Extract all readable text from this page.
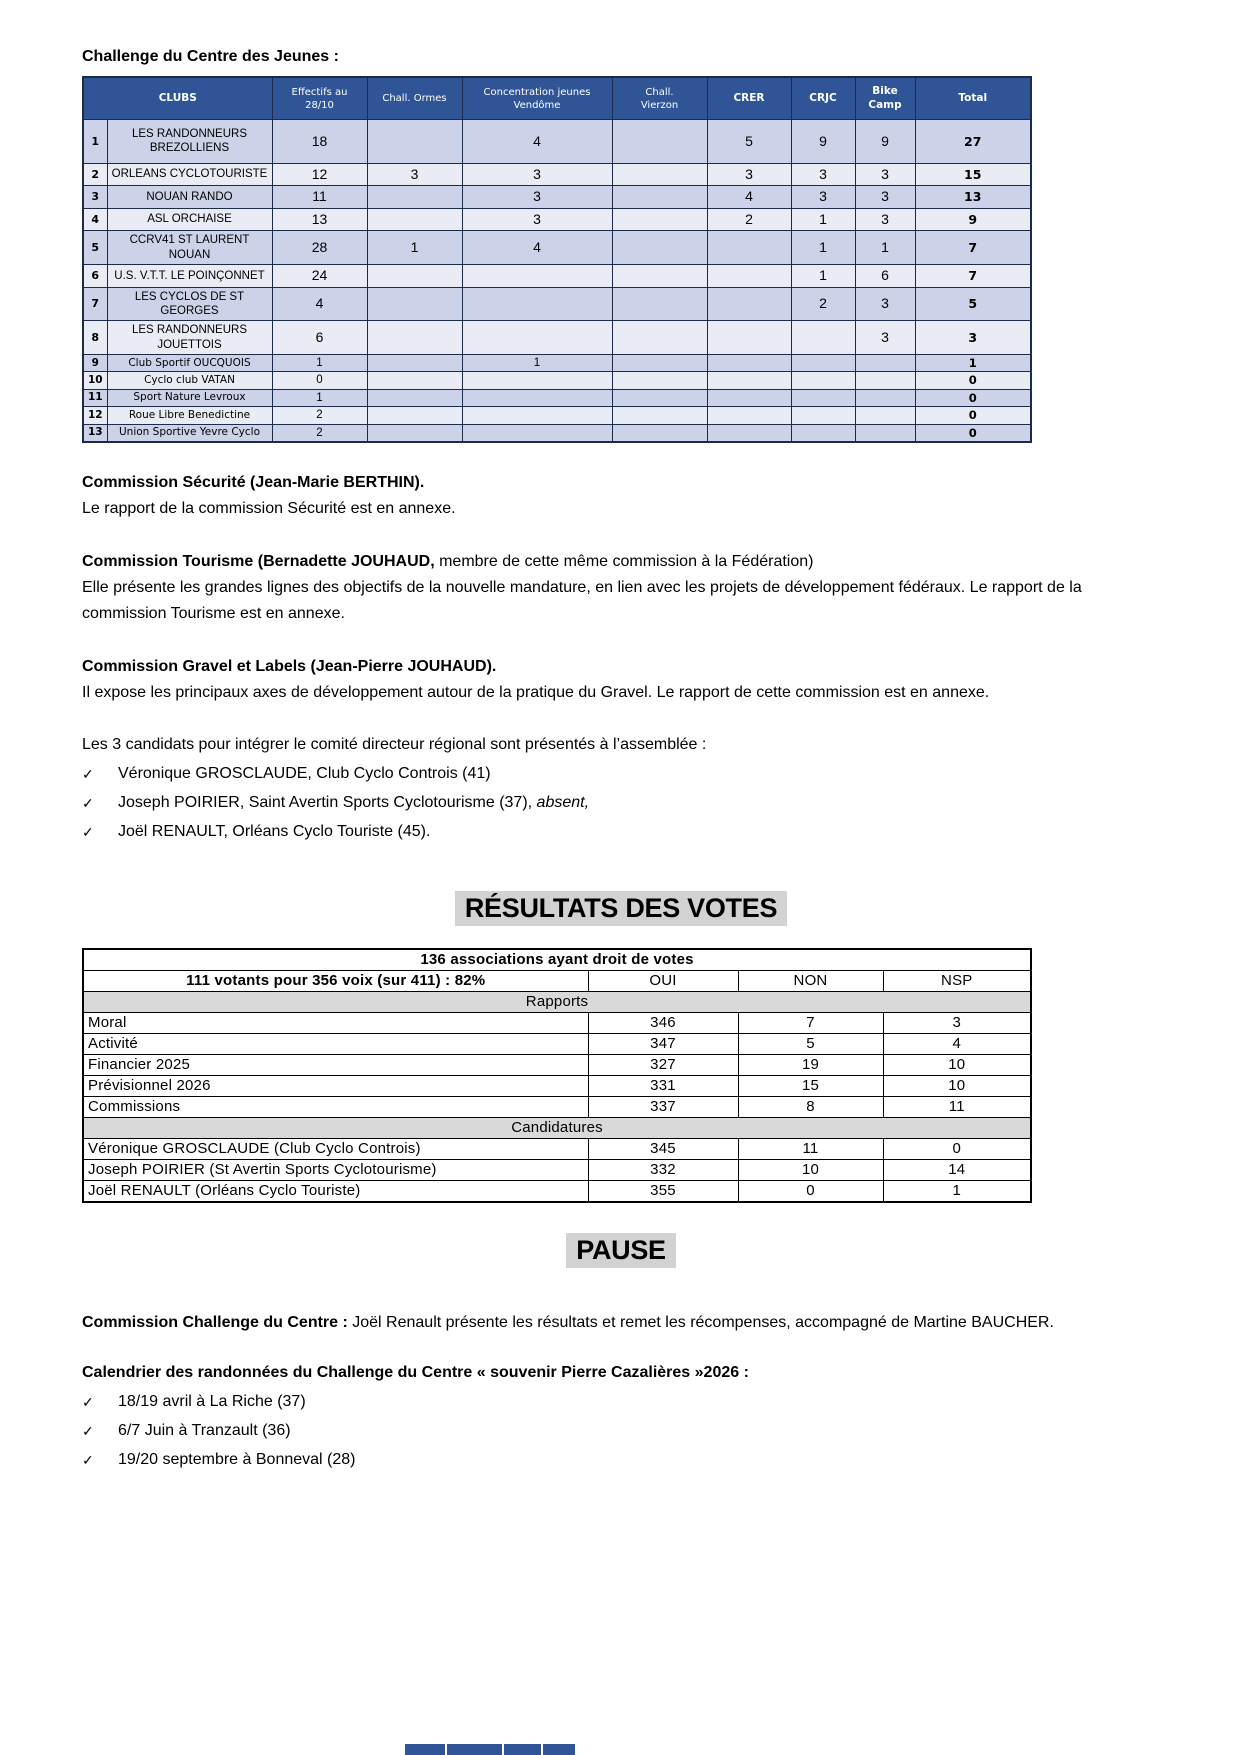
Challenge du Centre des Jeunes :

CLUBS		Effectifs au 28/10	Chall. Ormes	Concentration jeunes Vendôme	Chall. Vierzon	CRER	CRJC	Bike Camp	Total
1	LES RANDONNEURS BREZOLLIENS	18		4		5	9	9	27
2	ORLEANS CYCLOTOURISTE	12	3	3		3	3	3	15
3	NOUAN RANDO	11		3		4	3	3	13
4	ASL ORCHAISE	13		3		2	1	3	9
5	CCRV41 ST LAURENT NOUAN	28	1	4			1	1	7
6	U.S. V.T.T. LE POINÇONNET	24					1	6	7
7	LES CYCLOS DE ST GEORGES	4					2	3	5
8	LES RANDONNEURS JOUETTOIS	6						3	3
9	Club Sportif OUCQUOIS	1		1					1
10	Cyclo club VATAN	0							0
11	Sport Nature Levroux	1							0
12	Roue Libre Benedictine	2							0
13	Union Sportive Yevre Cyclo	2							0

Commission Sécurité (Jean-Marie BERTHIN).

Le rapport de la commission Sécurité est en annexe.

Commission Tourisme (Bernadette JOUHAUD, membre de cette même commission à la Fédération)

Elle présente les grandes lignes des objectifs de la nouvelle mandature, en lien avec les projets de développement fédéraux. Le rapport de la commission Tourisme est en annexe.

Commission Gravel et Labels (Jean-Pierre JOUHAUD).

Il expose les principaux axes de développement autour de la pratique du Gravel. Le rapport de cette commission est en annexe.

Les 3 candidats pour intégrer le comité directeur régional sont présentés à l’assemblée :

✓	Véronique GROSCLAUDE, Club Cyclo Controis (41)
✓	Joseph POIRIER, Saint Avertin Sports Cyclotourisme (37), absent,
✓	Joël RENAULT, Orléans Cyclo Touriste (45).
RÉSULTATS DES VOTES
136 associations ayant droit de votes			
111 votants pour 356 voix (sur 411) : 82%	OUI	NON	NSP
Rapports			
Moral	346	7	3
Activité	347	5	4
Financier 2025	327	19	10
Prévisionnel 2026	331	15	10
Commissions	337	8	11
Candidatures			
Véronique GROSCLAUDE (Club Cyclo Controis)	345	11	0
Joseph POIRIER (St Avertin Sports Cyclotourisme)	332	10	14
Joël RENAULT (Orléans Cyclo Touriste)	355	0	1
PAUSE

Commission Challenge du Centre : Joël Renault présente les résultats et remet les récompenses, accompagné de Martine BAUCHER.

Calendrier des randonnées du Challenge du Centre « souvenir Pierre Cazalières »2026 :

✓	18/19 avril à La Riche (37)
✓	6/7 Juin à Tranzault (36)
✓	19/20 septembre à Bonneval (28)
